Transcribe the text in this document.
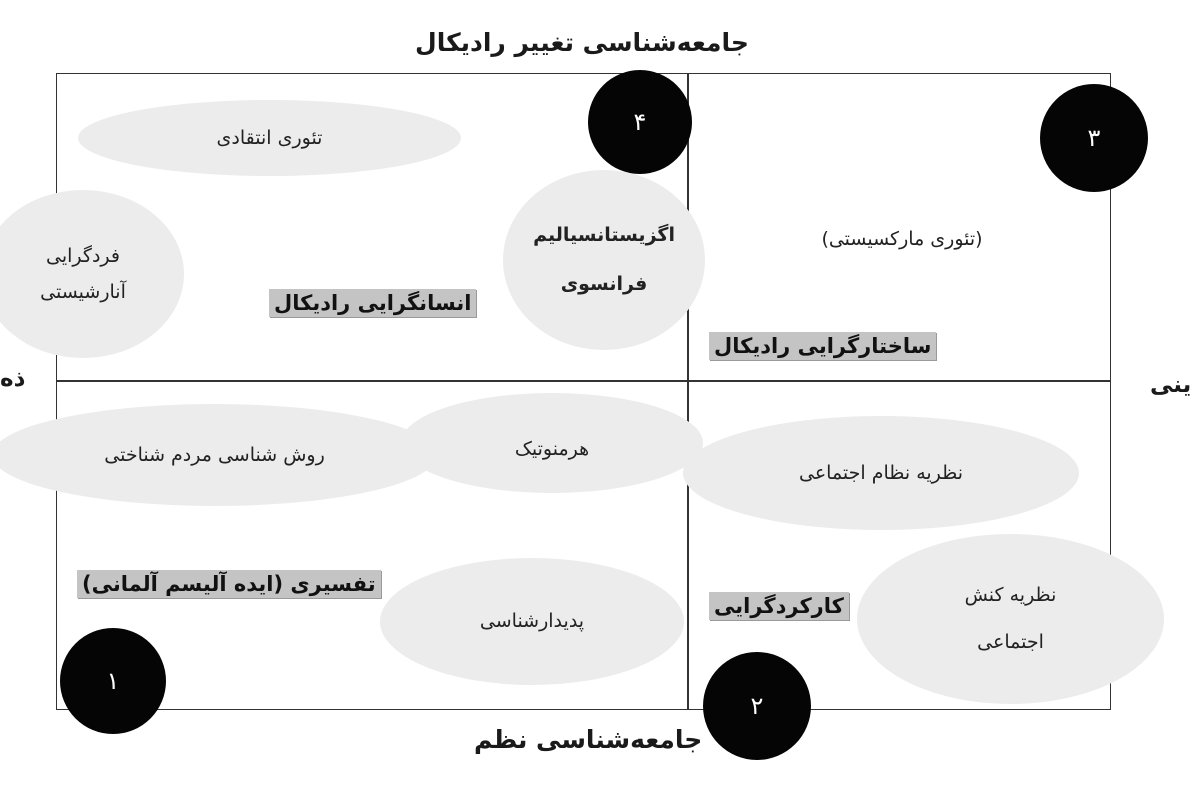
جامعه‌شناسی تغییر رادیکال
ذه	ینی
تئوری انتقادی
فردگرایی
آنارشیستی
اگزیستانسیالیم
فرانسوی
انسانگرایی رادیکال
۴
(تئوری مارکسیستی)
ساختارگرایی رادیکال
۳
روش شناسی مردم شناختی	هرمنوتیک
پدیدارشناسی
تفسیری (ایده آلیسم آلمانی)
۱
نظریه نظام اجتماعی
نظریه کنش
اجتماعی
کارکردگرایی
۲
جامعه‌شناسی نظم
